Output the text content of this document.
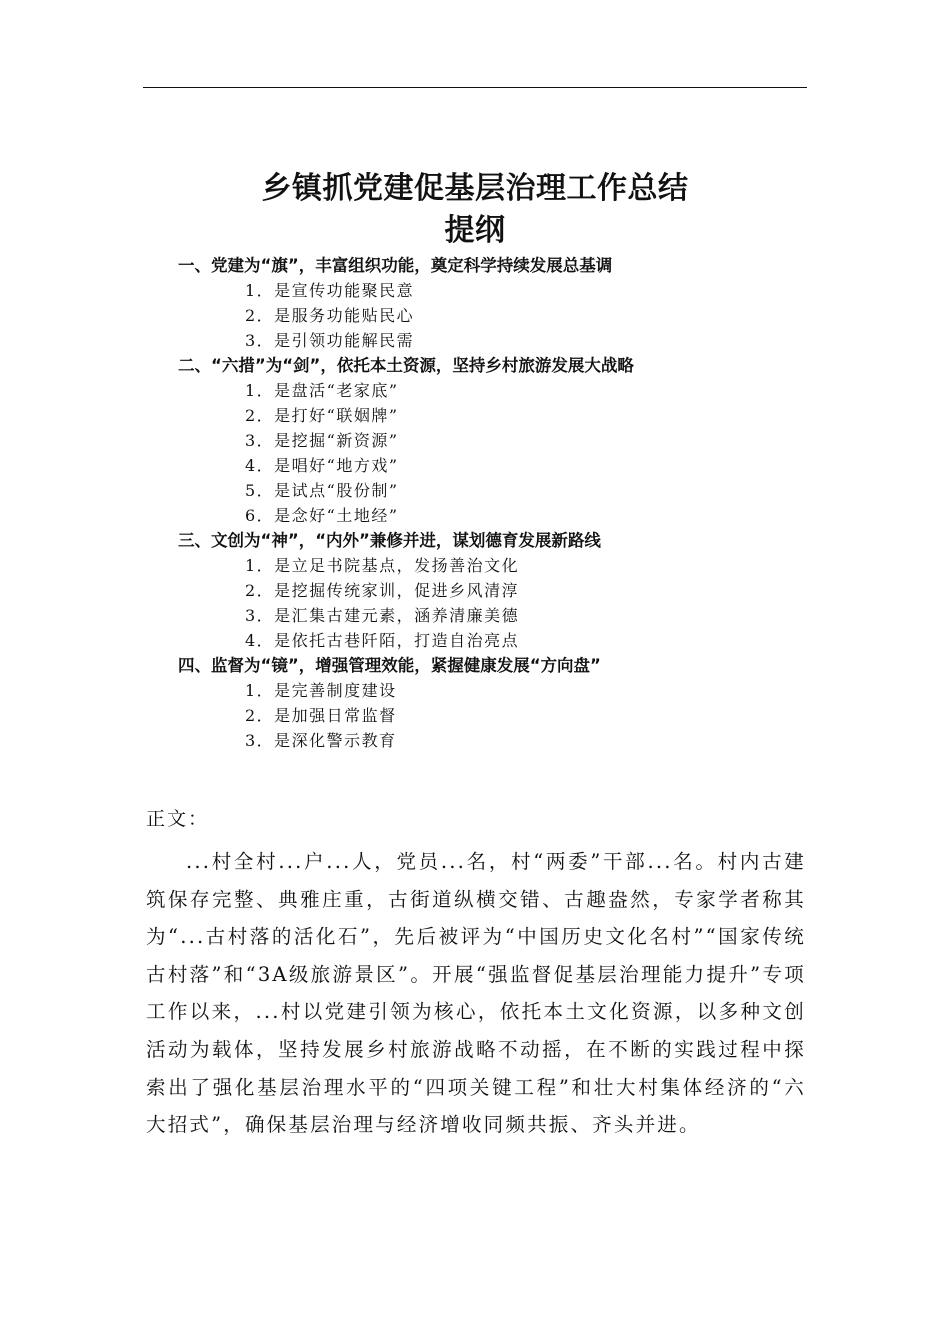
乡镇抓党建促基层治理工作总结
提纲
一、党建为“旗”，丰富组织功能，奠定科学持续发展总基调
1．是宣传功能聚民意
2．是服务功能贴民心
3．是引领功能解民需
二、“六措”为“剑”，依托本土资源，坚持乡村旅游发展大战略
1．是盘活“老家底”
2．是打好“联姻牌”
3．是挖掘“新资源”
4．是唱好“地方戏”
5．是试点“股份制”
6．是念好“土地经”
三、文创为“神”，“内外”兼修并进，谋划德育发展新路线
1．是立足书院基点，发扬善治文化
2．是挖掘传统家训，促进乡风清淳
3．是汇集古建元素，涵养清廉美德
4．是依托古巷阡陌，打造自治亮点
四、监督为“镜”，增强管理效能，紧握健康发展“方向盘”
1．是完善制度建设
2．是加强日常监督
3．是深化警示教育
正文：

...村全村...户...人，党员...名，村“两委”干部...名。村内古建筑保存完整、典雅庄重，古街道纵横交错、古趣盎然，专家学者称其为“...古村落的活化石”，先后被评为“中国历史文化名村”“国家传统古村落”和“3A级旅游景区”。开展“强监督促基层治理能力提升”专项工作以来，...村以党建引领为核心，依托本土文化资源，以多种文创活动为载体，坚持发展乡村旅游战略不动摇，在不断的实践过程中探索出了强化基层治理水平的“四项关键工程”和壮大村集体经济的“六大招式”，确保基层治理与经济增收同频共振、齐头并进。
